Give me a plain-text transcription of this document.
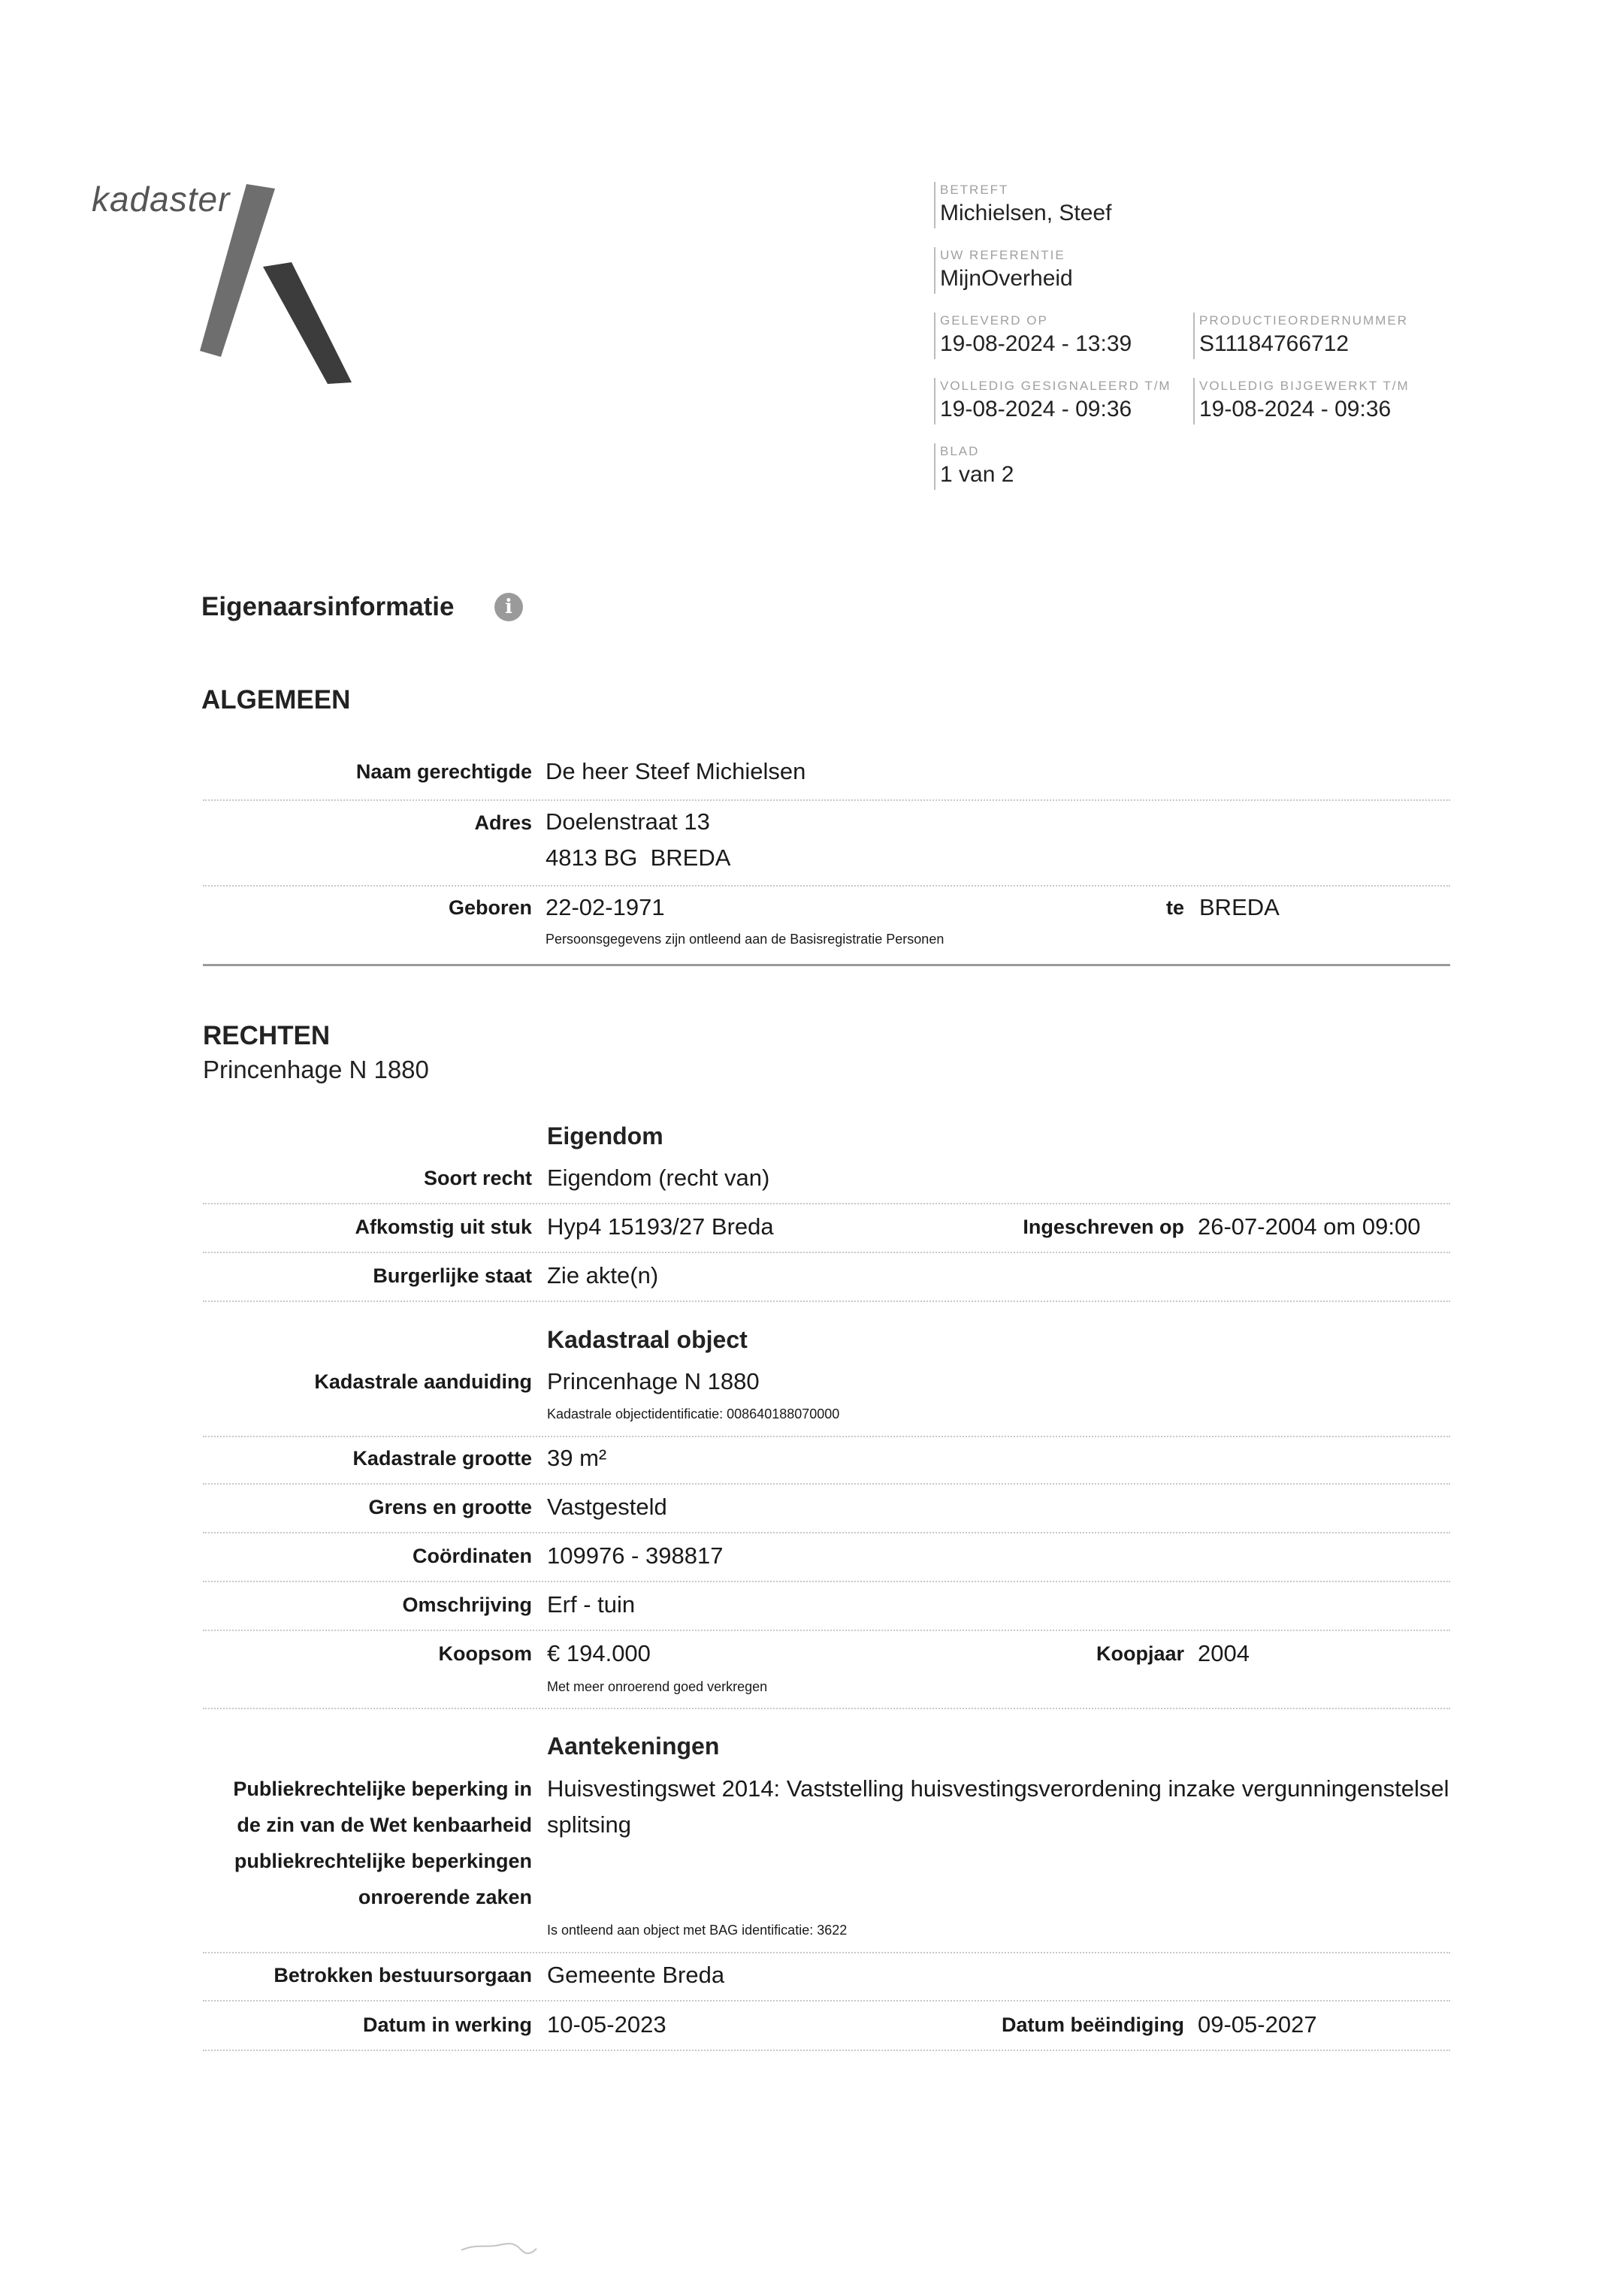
kadaster	BETREFT
Michielsen, Steef
UW REFERENTIE
MijnOverheid
GELEVERD OP
19-08-2024 - 13:39
PRODUCTIEORDERNUMMER
S11184766712
VOLLEDIG GESIGNALEERD T/M
19-08-2024 - 09:36
VOLLEDIG BIJGEWERKT T/M
19-08-2024 - 09:36
BLAD
1 van 2
Eigenaarsinformatie	i
ALGEMEEN
Naam gerechtigde De heer Steef Michielsen
Adres Doelenstraat 13
4813 BG  BREDA
Geboren 22-02-1971	te BREDA
Persoonsgegevens zijn ontleend aan de Basisregistratie Personen
RECHTEN
Princenhage N 1880
Eigendom
Soort recht Eigendom (recht van)
Afkomstig uit stuk Hyp4 15193/27 Breda	Ingeschreven op 26-07-2004 om 09:00
Burgerlijke staat Zie akte(n)
Kadastraal object
Kadastrale aanduiding Princenhage N 1880
Kadastrale objectidentificatie: 008640188070000
Kadastrale grootte 39 m²
Grens en grootte Vastgesteld
Coördinaten 109976 - 398817
Omschrijving Erf - tuin
Koopsom € 194.000	Koopjaar 2004
Met meer onroerend goed verkregen
Aantekeningen
Publiekrechtelijke beperking in
de zin van de Wet kenbaarheid
publiekrechtelijke beperkingen
onroerende zaken
Huisvestingswet 2014: Vaststelling huisvestingsverordening inzake vergunningenstelsel
splitsing
Is ontleend aan object met BAG identificatie: 3622
Betrokken bestuursorgaan Gemeente Breda
Datum in werking 10-05-2023	Datum beëindiging 09-05-2027
